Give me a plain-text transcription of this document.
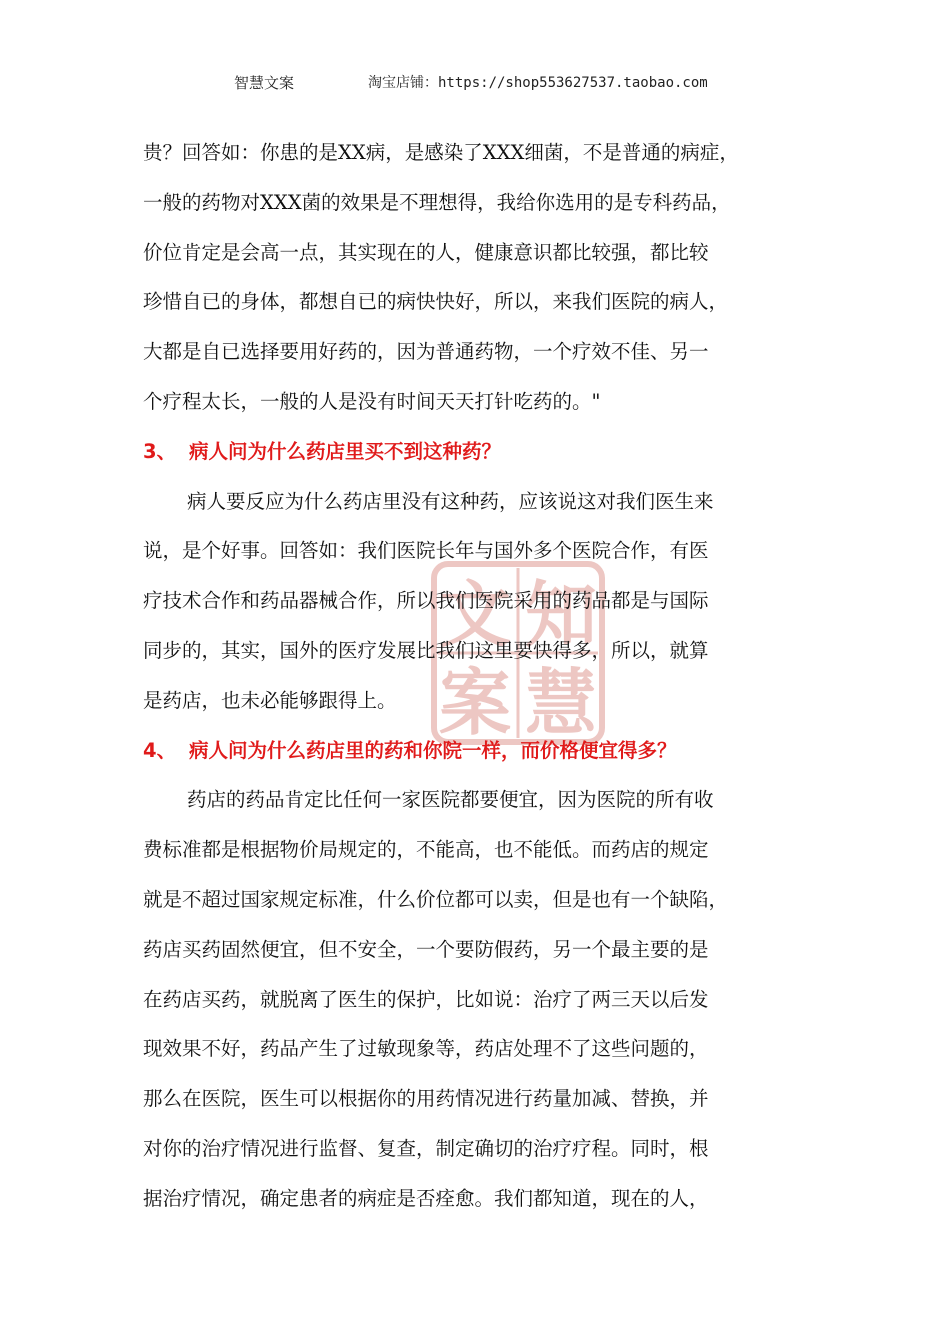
智慧文案	淘宝店铺：https://shop553627537.taobao.com
知
文
慧
案
贵？回答如：你患的是XX病，是感染了XXX细菌，不是普通的病症，
一般的药物对XXX菌的效果是不理想得，我给你选用的是专科药品，
价位肯定是会高一点，其实现在的人，健康意识都比较强，都比较
珍惜自已的身体，都想自已的病快快好，所以，来我们医院的病人，
大都是自已选择要用好药的，因为普通药物，一个疗效不佳、另一
个疗程太长，一般的人是没有时间天天打针吃药的。"
3、 病人问为什么药店里买不到这种药？
病人要反应为什么药店里没有这种药，应该说这对我们医生来
说，是个好事。回答如：我们医院长年与国外多个医院合作，有医
疗技术合作和药品器械合作，所以我们医院采用的药品都是与国际
同步的，其实，国外的医疗发展比我们这里要快得多，所以，就算
是药店，也未必能够跟得上。
4、 病人问为什么药店里的药和你院一样，而价格便宜得多？
药店的药品肯定比任何一家医院都要便宜，因为医院的所有收
费标准都是根据物价局规定的，不能高，也不能低。而药店的规定
就是不超过国家规定标准，什么价位都可以卖，但是也有一个缺陷，
药店买药固然便宜，但不安全，一个要防假药，另一个最主要的是
在药店买药，就脱离了医生的保护，比如说：治疗了两三天以后发
现效果不好，药品产生了过敏现象等，药店处理不了这些问题的，
那么在医院，医生可以根据你的用药情况进行药量加减、替换，并
对你的治疗情况进行监督、复查，制定确切的治疗疗程。同时，根
据治疗情况，确定患者的病症是否痊愈。我们都知道，现在的人，
